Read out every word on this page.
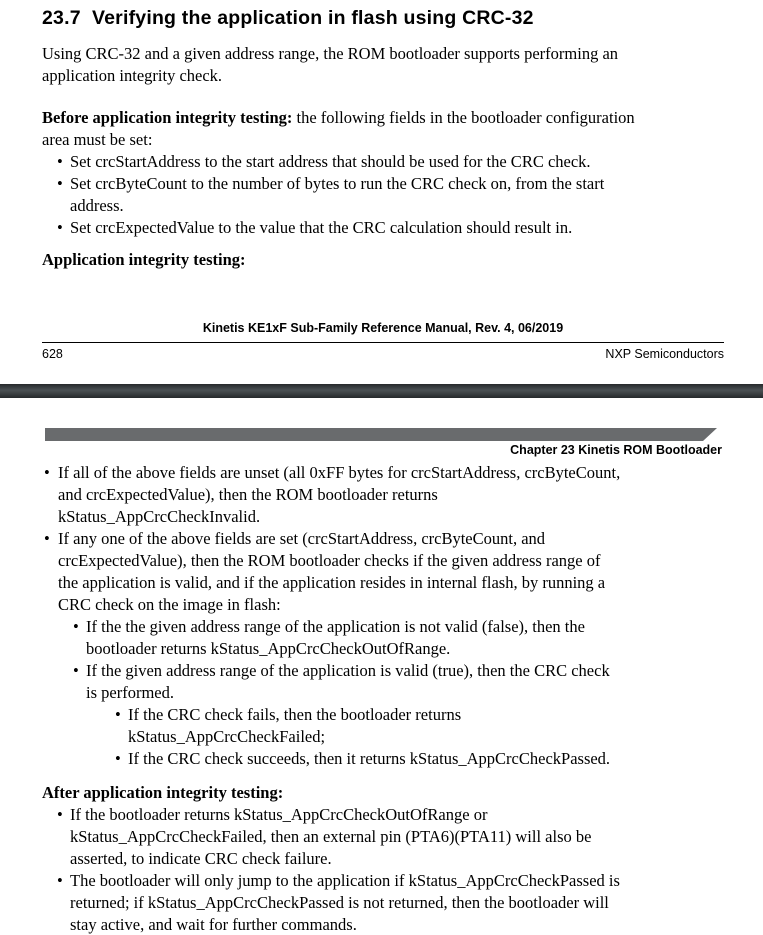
23.7 Verifying the application in flash using CRC-32
Using CRC-32 and a given address range, the ROM bootloader supports performing an
application integrity check.
Before application integrity testing: the following fields in the bootloader configuration
area must be set:
• Set crcStartAddress to the start address that should be used for the CRC check.
• Set crcByteCount to the number of bytes to run the CRC check on, from the start
address.
• Set crcExpectedValue to the value that the CRC calculation should result in.
Application integrity testing:
Kinetis KE1xF Sub-Family Reference Manual, Rev. 4, 06/2019
628	NXP Semiconductors
Chapter 23 Kinetis ROM Bootloader
• If all of the above fields are unset (all 0xFF bytes for crcStartAddress, crcByteCount,
and crcExpectedValue), then the ROM bootloader returns
kStatus_AppCrcCheckInvalid.
• If any one of the above fields are set (crcStartAddress, crcByteCount, and
crcExpectedValue), then the ROM bootloader checks if the given address range of
the application is valid, and if the application resides in internal flash, by running a
CRC check on the image in flash:
• If the the given address range of the application is not valid (false), then the
bootloader returns kStatus_AppCrcCheckOutOfRange.
• If the given address range of the application is valid (true), then the CRC check
is performed.
• If the CRC check fails, then the bootloader returns
kStatus_AppCrcCheckFailed;
• If the CRC check succeeds, then it returns kStatus_AppCrcCheckPassed.
After application integrity testing:
• If the bootloader returns kStatus_AppCrcCheckOutOfRange or
kStatus_AppCrcCheckFailed, then an external pin (PTA6)(PTA11) will also be
asserted, to indicate CRC check failure.
• The bootloader will only jump to the application if kStatus_AppCrcCheckPassed is
returned; if kStatus_AppCrcCheckPassed is not returned, then the bootloader will
stay active, and wait for further commands.
